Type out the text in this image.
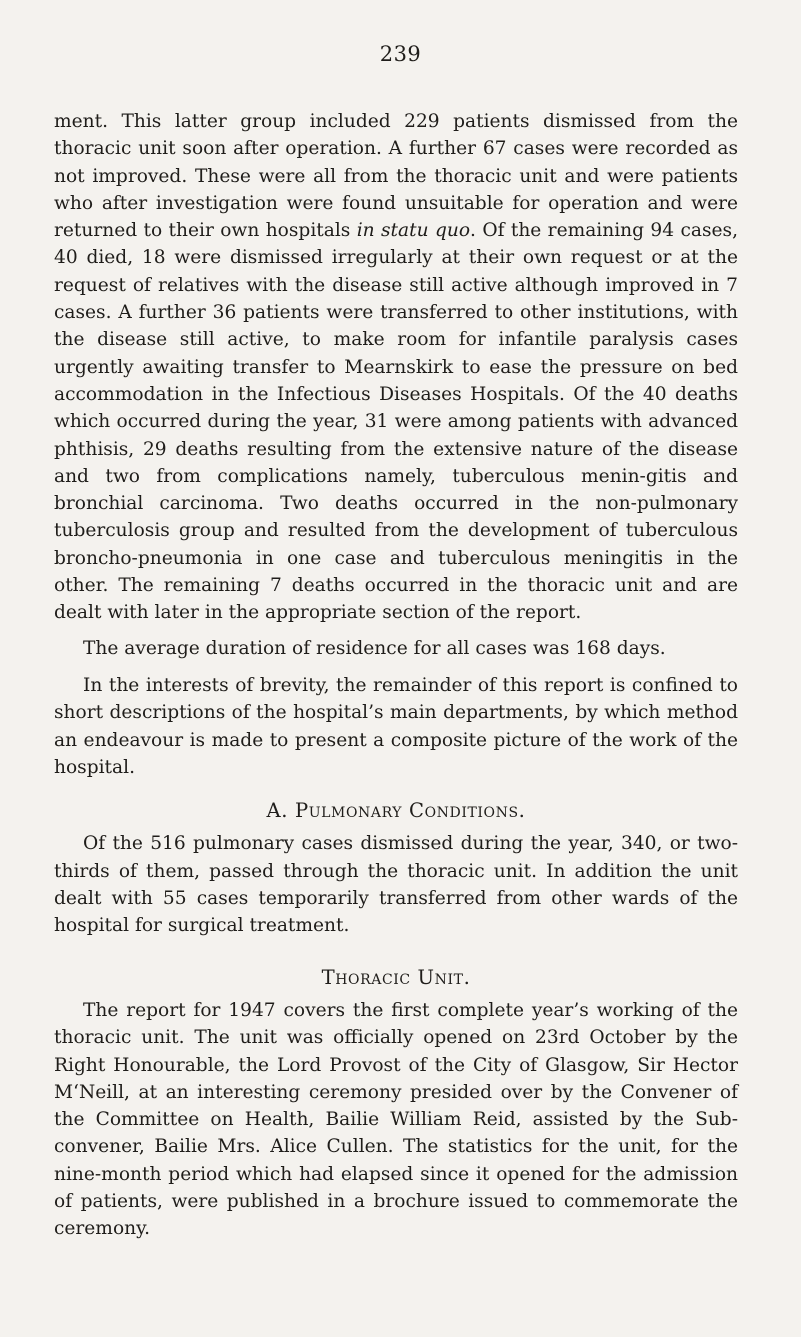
239

ment. This latter group included 229 patients dismissed from the thoracic unit soon after operation. A further 67 cases were recorded as not improved. These were all from the thoracic unit and were patients who after investigation were found unsuitable for operation and were returned to their own hospitals in statu quo. Of the remaining 94 cases, 40 died, 18 were dismissed irregularly at their own request or at the request of relatives with the disease still active although improved in 7 cases. A further 36 patients were transferred to other institutions, with the disease still active, to make room for infantile paralysis cases urgently awaiting transfer to Mearnskirk to ease the pressure on bed accommodation in the Infectious Diseases Hospitals. Of the 40 deaths which occurred during the year, 31 were among patients with advanced phthisis, 29 deaths resulting from the extensive nature of the disease and two from complications namely, tuberculous menin-gitis and bronchial carcinoma. Two deaths occurred in the non-pulmonary tuberculosis group and resulted from the development of tuberculous broncho-pneumonia in one case and tuberculous meningitis in the other. The remaining 7 deaths occurred in the thoracic unit and are dealt with later in the appropriate section of the report.

The average duration of residence for all cases was 168 days.

In the interests of brevity, the remainder of this report is confined to short descriptions of the hospital’s main departments, by which method an endeavour is made to present a composite picture of the work of the hospital.

A. Pulmonary Conditions.

Of the 516 pulmonary cases dismissed during the year, 340, or two-thirds of them, passed through the thoracic unit. In addition the unit dealt with 55 cases temporarily transferred from other wards of the hospital for surgical treatment.

Thoracic Unit.

The report for 1947 covers the first complete year’s working of the thoracic unit. The unit was officially opened on 23rd October by the Right Honourable, the Lord Provost of the City of Glasgow, Sir Hector M‘Neill, at an interesting ceremony presided over by the Convener of the Committee on Health, Bailie William Reid, assisted by the Sub-convener, Bailie Mrs. Alice Cullen. The statistics for the unit, for the nine-month period which had elapsed since it opened for the admission of patients, were published in a brochure issued to commemorate the ceremony.
